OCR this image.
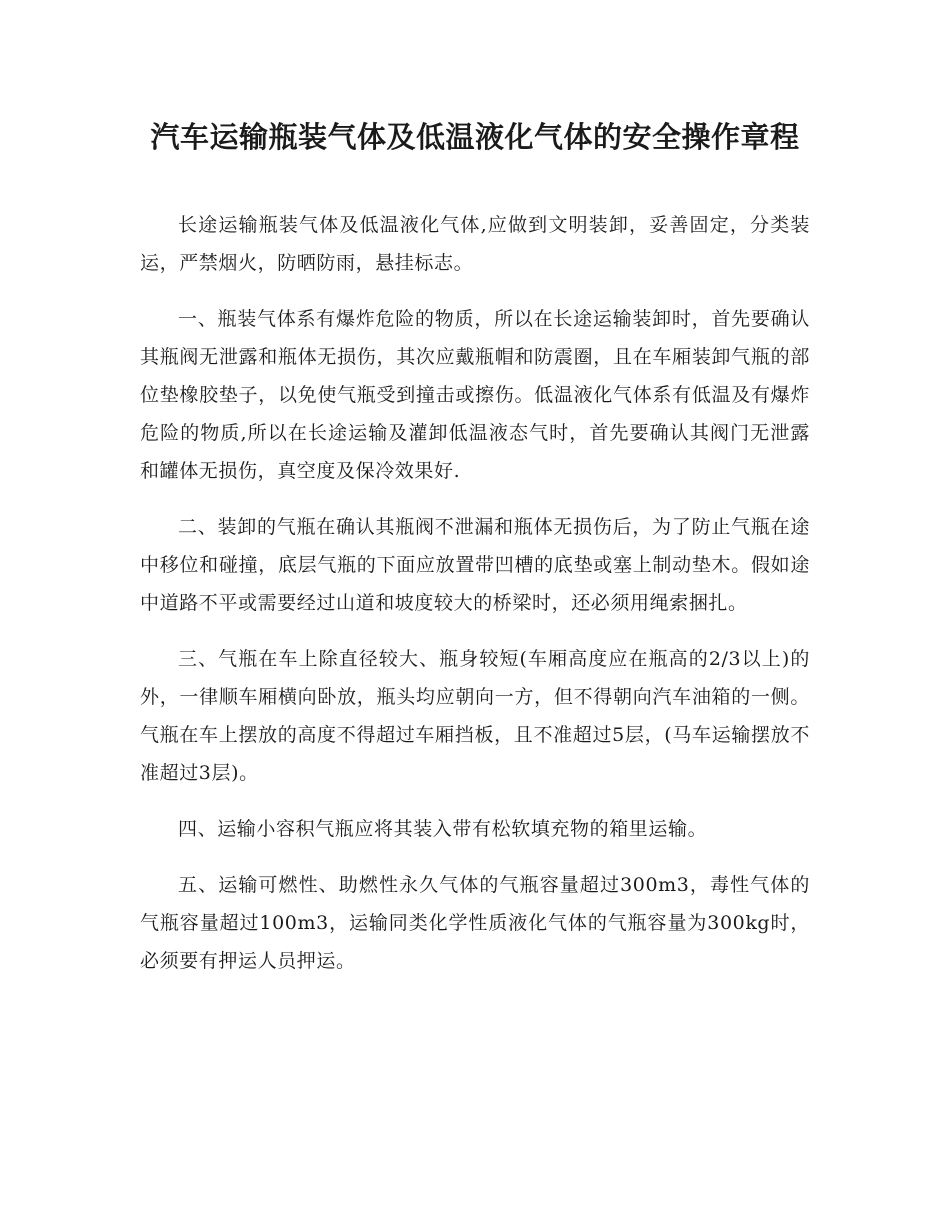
汽车运输瓶装气体及低温液化气体的安全操作章程

长途运输瓶装气体及低温液化气体,应做到文明装卸，妥善固定，分类装运，严禁烟火，防晒防雨，悬挂标志。

一、瓶装气体系有爆炸危险的物质，所以在长途运输装卸时，首先要确认其瓶阀无泄露和瓶体无损伤，其次应戴瓶帽和防震圈，且在车厢装卸气瓶的部位垫橡胶垫子，以免使气瓶受到撞击或擦伤。低温液化气体系有低温及有爆炸危险的物质,所以在长途运输及灌卸低温液态气时，首先要确认其阀门无泄露和罐体无损伤，真空度及保冷效果好.

二、装卸的气瓶在确认其瓶阀不泄漏和瓶体无损伤后，为了防止气瓶在途中移位和碰撞，底层气瓶的下面应放置带凹槽的底垫或塞上制动垫木。假如途中道路不平或需要经过山道和坡度较大的桥梁时，还必须用绳索捆扎。

三、气瓶在车上除直径较大、瓶身较短(车厢高度应在瓶高的2/3以上)的外，一律顺车厢横向卧放，瓶头均应朝向一方，但不得朝向汽车油箱的一侧。气瓶在车上摆放的高度不得超过车厢挡板，且不准超过5层，(马车运输摆放不准超过3层)。

四、运输小容积气瓶应将其装入带有松软填充物的箱里运输。

五、运输可燃性、助燃性永久气体的气瓶容量超过300m3，毒性气体的气瓶容量超过100m3，运输同类化学性质液化气体的气瓶容量为300kg时，必须要有押运人员押运。
